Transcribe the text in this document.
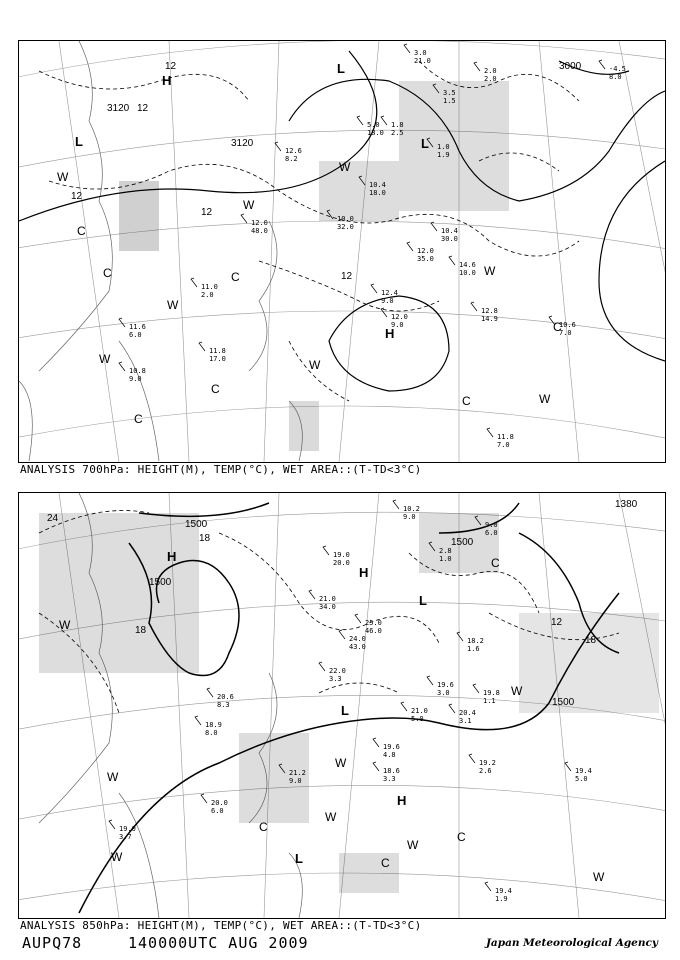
H
L
L
L
H
W
W
W
W
W
W
W
W
C
C
C
C
C
C
C
12
3120 12
3120
12
12
12
3000
3.0
21.0
2.0
2.0
-4.5
8.0
3.5
1.5
5.0
18.0
1.8
2.5
1.0
1.9
12.6
8.2
10.4
18.0
10.4
30.0
12.0
48.0
10.0
32.0
12.0
35.0
14.6
10.0
11.0
2.0	12.4
9.0
12.0
9.0
12.8
14.9
10.6
7.0
11.8
17.0
10.8
9.0
11.6
6.0
11.8
7.0
ANALYSIS 700hPa: HEIGHT(M), TEMP(°C), WET AREA::(T-TD<3°C)
H
H
L
L
H
L
W
W
W
W
W
W
W
W
C
C
C
C
24
1500
18
1500
18
1500
1380
12
18
1500
10.2
9.0
9.0
6.0
2.8
1.0
19.0
20.0
21.0
34.0
24.0
43.0
25.0
46.0
18.2
1.6
22.0
3.3
19.6
3.0
21.0
5.0
19.8
1.1
20.4
3.1
20.6
8.3
18.9
8.0
19.6
4.8
18.6
3.3
19.2
2.6
21.2
9.0
20.0
6.0
19.0
3.7
19.4
5.0
19.4
1.9
ANALYSIS 850hPa: HEIGHT(M), TEMP(°C), WET AREA::(T-TD<3°C)
AUPQ78	140000UTC AUG 2009	Japan Meteorological Agency
